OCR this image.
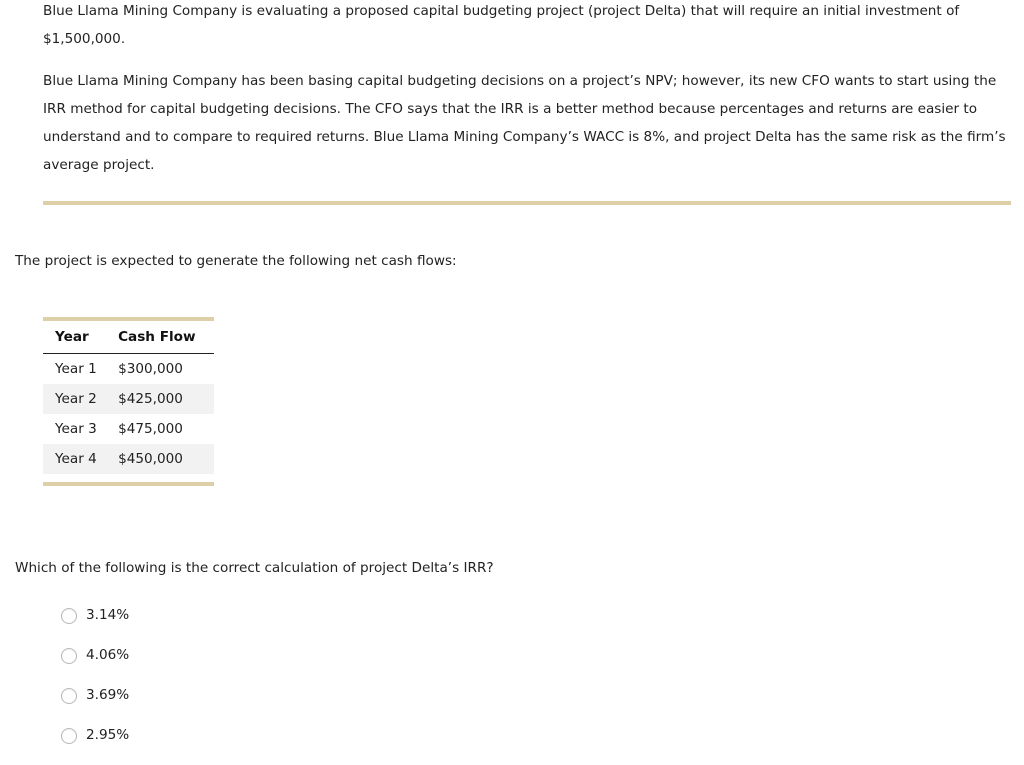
Blue Llama Mining Company is evaluating a proposed capital budgeting project (project Delta) that will require an initial investment of $1,500,000.

Blue Llama Mining Company has been basing capital budgeting decisions on a project’s NPV; however, its new CFO wants to start using the IRR method for capital budgeting decisions. The CFO says that the IRR is a better method because percentages and returns are easier to understand and to compare to required returns. Blue Llama Mining Company’s WACC is 8%, and project Delta has the same risk as the firm’s average project.

The project is expected to generate the following net cash flows:

Year	Cash Flow
Year 1	$300,000
Year 2	$425,000
Year 3	$475,000
Year 4	$450,000

Which of the following is the correct calculation of project Delta’s IRR?

3.14%
4.06%
3.69%
2.95%
